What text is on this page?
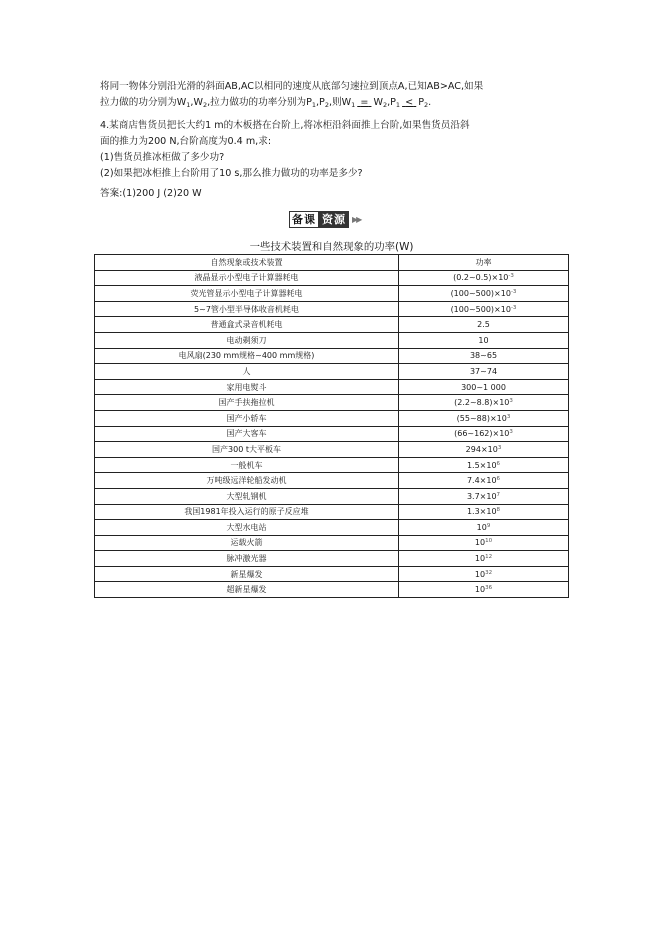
将同一物体分别沿光滑的斜面AB,AC以相同的速度从底部匀速拉到顶点A,已知AB>AC,如果
拉力做的功分别为$W_1,W_2$,拉力做功的功率分别为$P_1,P_2$,则$W_1 = W_2,P_1 < P_2$.
4.某商店售货员把长大约1 m的木板搭在台阶上,将冰柜沿斜面推上台阶,如果售货员沿斜
面的推力为200 N,台阶高度为0.4 m,求:
(1)售货员推冰柜做了多少功?
(2)如果把冰柜推上台阶用了10 s,那么推力做功的功率是多少?
答案:(1)200 J (2)20 W
备课 资源 ▶▶
一些技术装置和自然现象的功率(W)
自然现象或技术装置	功率
液晶显示小型电子计算器耗电	$(0.2\sim 0.5)\times 10^{-3}$
荧光管显示小型电子计算器耗电	$(100\sim 500)\times 10^{-3}$
5~7管小型半导体收音机耗电	$(100\sim 500)\times 10^{-3}$
普通盒式录音机耗电	2.5
电动剃须刀	10
电风扇(230 mm规格~400 mm规格)	38~65
人	37~74
家用电熨斗	300~1 000
国产手扶拖拉机	$(2.2\sim 8.8)\times 10^3$
国产小轿车	$(55\sim 88)\times 10^3$
国产大客车	$(66\sim 162)\times 10^3$
国产300 t大平板车	$294\times 10^3$
一般机车	$1.5\times 10^6$
万吨级远洋轮船发动机	$7.4\times 10^6$
大型轧钢机	$3.7\times 10^7$
我国1981年投入运行的原子反应堆	$1.3\times 10^8$
大型水电站	$10^9$
运载火箭	$10^{10}$
脉冲激光器	$10^{12}$
新星爆发	$10^{32}$
超新星爆发	$10^{36}$
